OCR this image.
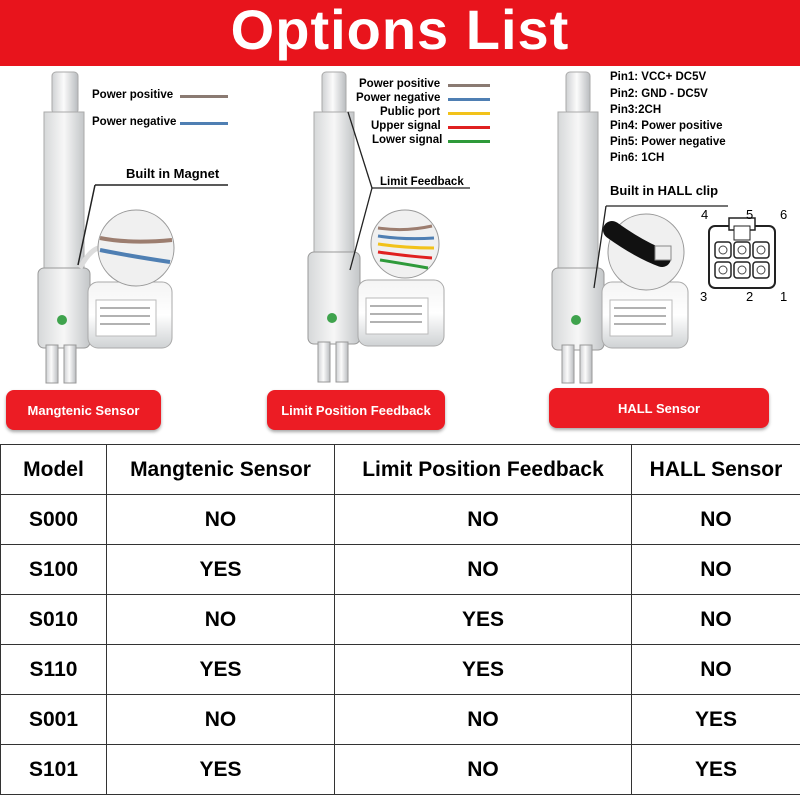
Options List
Power positive
Power negative
Built in Magnet
Power positive
Power negative
Public port
Upper signal
Lower signal
Limit Feedback
Pin1: VCC+ DC5V
Pin2: GND - DC5V
Pin3:2CH
Pin4: Power positive
Pin5: Power negative
Pin6: 1CH
Built in HALL clip
4	5 6
3	2 1
Mangtenic Sensor	Limit Position Feedback	HALL Sensor
Model	Mangtenic Sensor	Limit Position Feedback	HALL Sensor
S000	NO	NO	NO
S100	YES	NO	NO
S010	NO	YES	NO
S110	YES	YES	NO
S001	NO	NO	YES
S101	YES	NO	YES
